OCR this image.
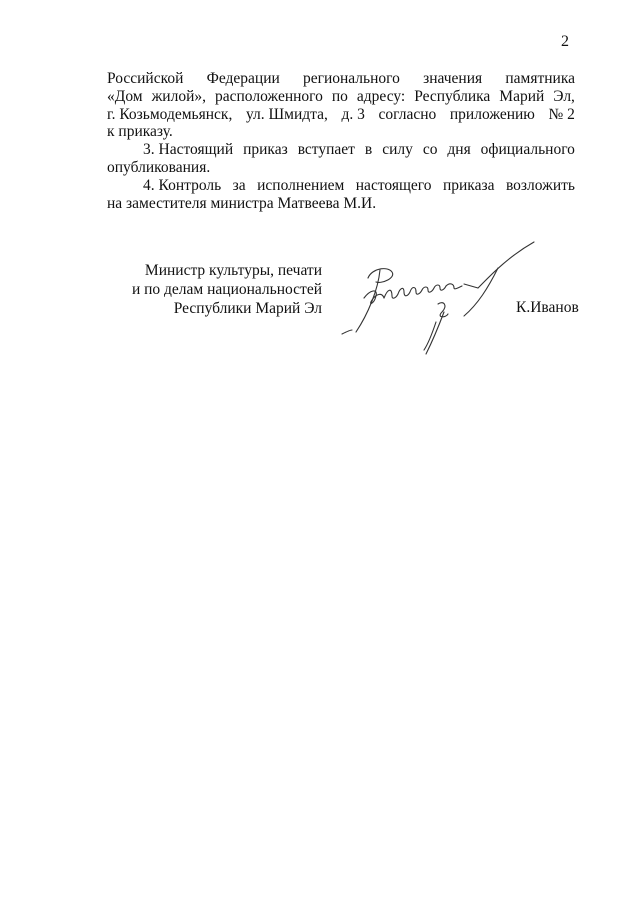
2
Российской Федерации регионального значения памятника
«Дом жилой», расположенного по адресу: Республика Марий Эл,
г. Козьмодемьянск, ул. Шмидта, д. 3 согласно приложению № 2
к приказу.
3. Настоящий приказ вступает в силу со дня официального
опубликования.
4. Контроль за исполнением настоящего приказа возложить
на заместителя министра Матвеева М.И.
Министр культуры, печати
и по делам национальностей
Республики Марий Эл	К.Иванов
